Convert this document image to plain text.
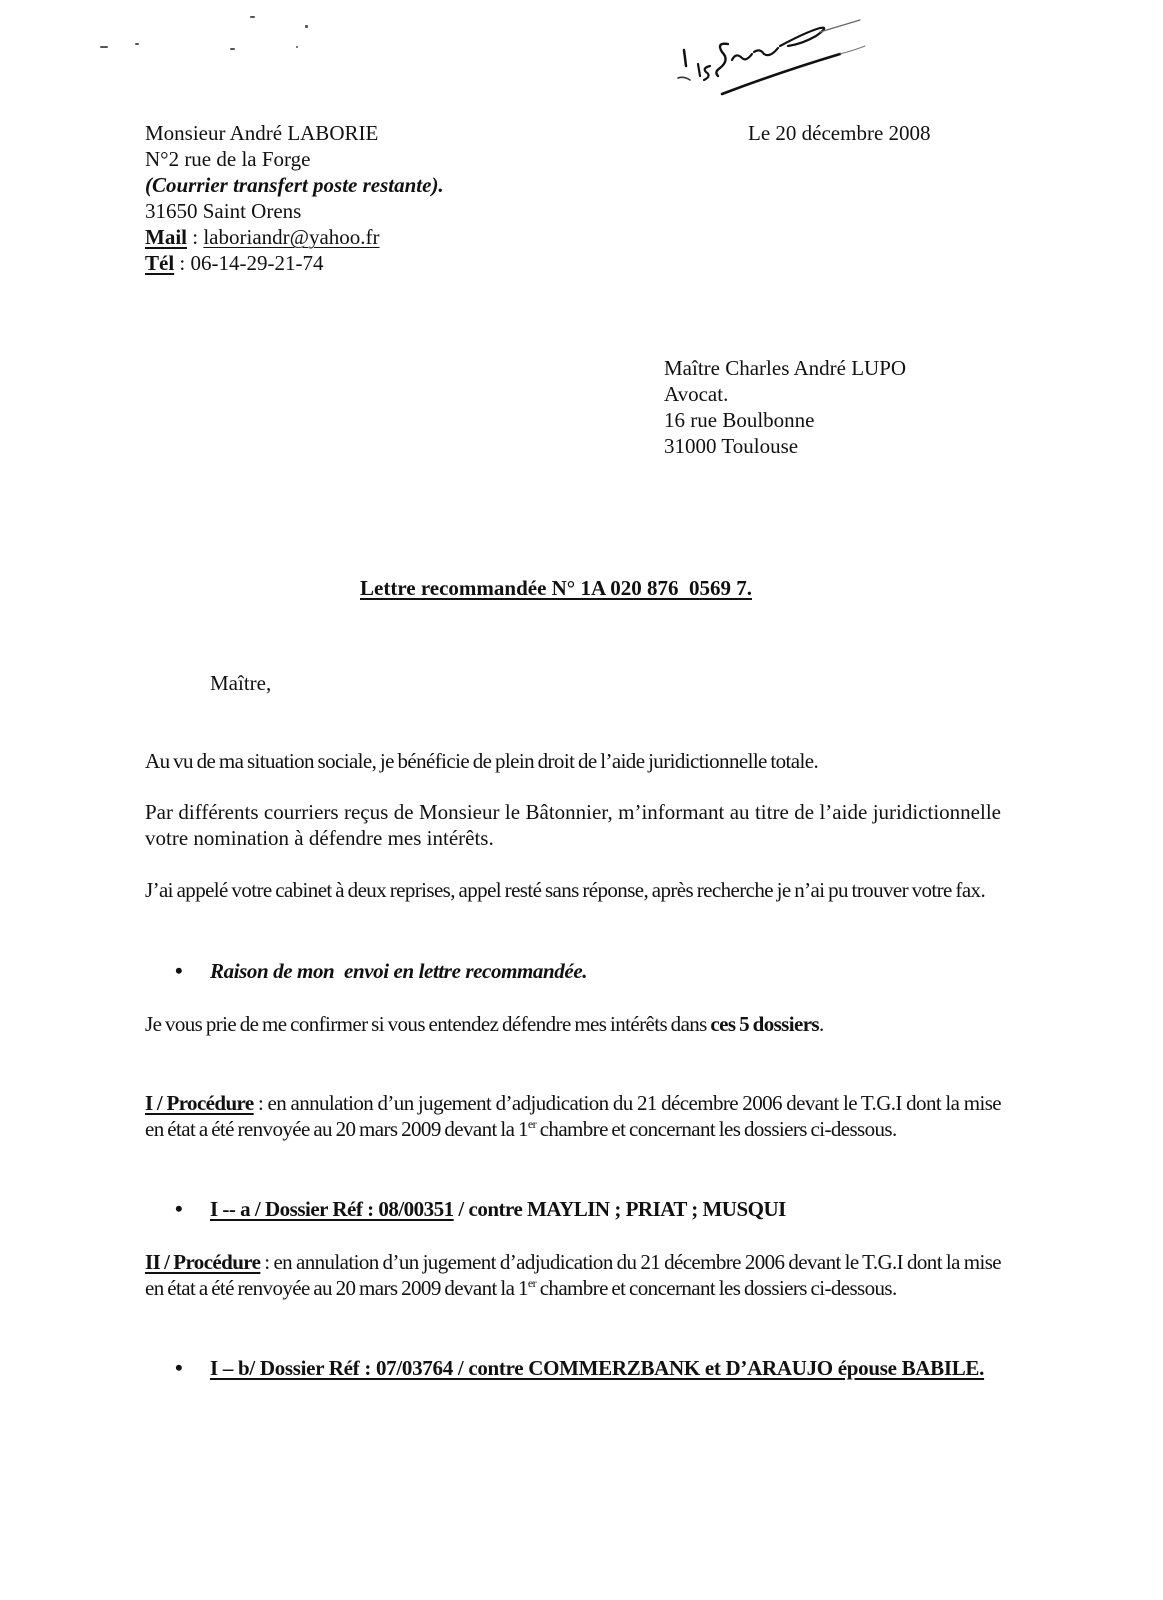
Monsieur André LABORIE
N°2 rue de la Forge
(Courrier transfert poste restante).
31650 Saint Orens
Mail : laboriandr@yahoo.fr
Tél : 06-14-29-21-74
Le 20 décembre 2008
Maître Charles André LUPO
Avocat.
16 rue Boulbonne
31000 Toulouse
Lettre recommandée N° 1A 020 876  0569 7.
Maître,
Au vu de ma situation sociale, je bénéficie de plein droit de l’aide juridictionnelle totale.
Par différents courriers reçus de Monsieur le Bâtonnier, m’informant au titre de l’aide juridictionnelle votre nomination à défendre mes intérêts.
J’ai appelé votre cabinet à deux reprises, appel resté sans réponse, après recherche je n’ai pu trouver votre fax.
• Raison de mon  envoi en lettre recommandée.
Je vous prie de me confirmer si vous entendez défendre mes intérêts dans ces 5 dossiers.
I / Procédure : en annulation d’un jugement d’adjudication du 21 décembre 2006 devant le T.G.I dont la mise en état a été renvoyée au 20 mars 2009 devant la 1er chambre et concernant les dossiers ci-dessous.
• I -- a / Dossier Réf : 08/00351 / contre MAYLIN ; PRIAT ; MUSQUI
II / Procédure : en annulation d’un jugement d’adjudication du 21 décembre 2006 devant le T.G.I dont la mise en état a été renvoyée au 20 mars 2009 devant la 1er chambre et concernant les dossiers ci-dessous.
• I – b/ Dossier Réf : 07/03764 / contre COMMERZBANK et D’ARAUJO épouse BABILE.
